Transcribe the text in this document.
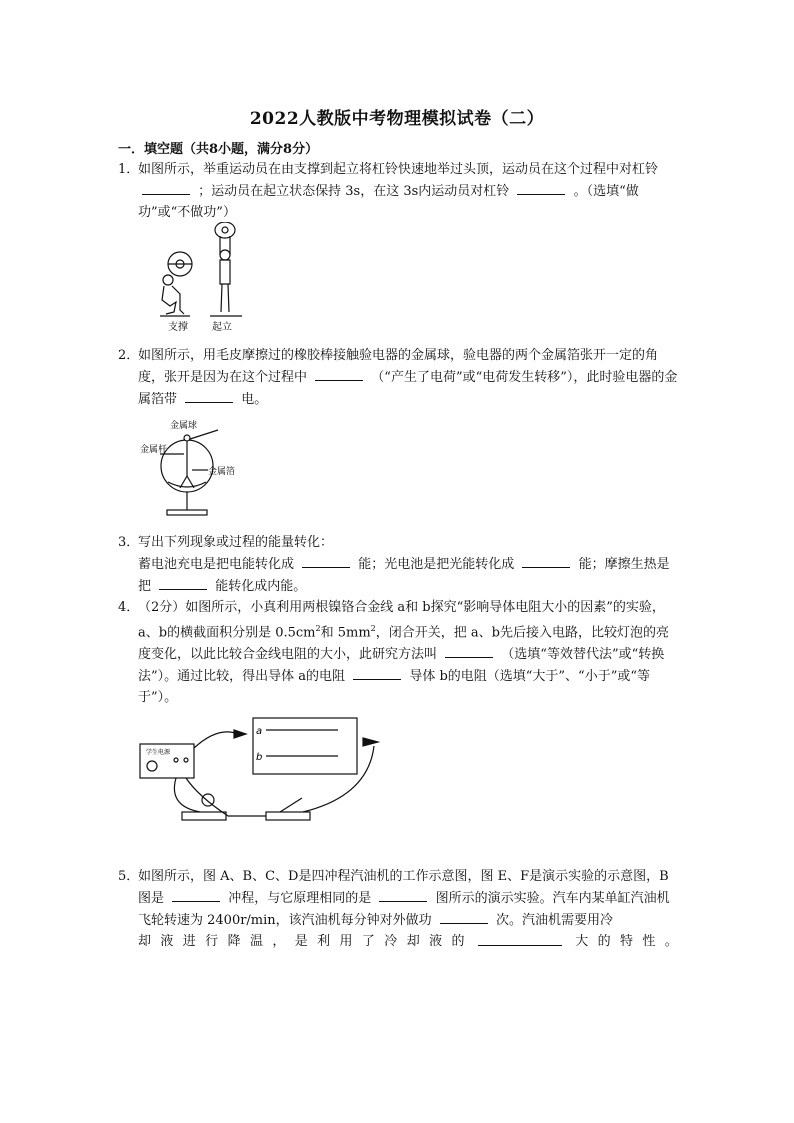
2022人教版中考物理模拟试卷（二）
一．填空题（共8小题，满分8分）
1．
如图所示，举重运动员在由支撑到起立将杠铃快速地举过头顶，运动员在这个过程中对杠铃  ；运动员在起立状态保持 3s，在这 3s内运动员对杠铃	。（选填“做功”或“不做功”）
支撑 起立
2．
如图所示，用毛皮摩擦过的橡胶棒接触验电器的金属球，验电器的两个金属箔张开一定的角度，张开是因为在这个过程中	（“产生了电荷”或“电荷发生转移”），此时验电器的金属箔带	电。
金属球
金属杆
金属箔
3．
写出下列现象或过程的能量转化：
蓄电池充电是把电能转化成	能；光电池是把光能转化成	能；摩擦生热是把	能转化成内能。
4．
（2分）如图所示，小真利用两根镍铬合金线 a和 b探究“影响导体电阻大小的因素”的实验，a、b的横截面积分别是 $0.5cm^2$和 $5mm^2$，闭合开关，把 a、b先后接入电路，比较灯泡的亮度变化，以此比较合金线电阻的大小，此研究方法叫	（选填“等效替代法”或“转换法”）。通过比较，得出导体 a的电阻	导体 b的电阻（选填“大于”、“小于”或“等于”）。
a
b
学生电源
5．
如图所示，图 A、B、C、D是四冲程汽油机的工作示意图，图 E、F是演示实验的示意图，B图是	冲程，与它原理相同的是	图所示的演示实验。汽车内某单缸汽油机飞轮转速为 2400r/min，该汽油机每分钟对外做功	次。汽油机需要用冷
却 液 进 行 降 温 ， 是 利 用 了 冷 却 液 的	大 的 特 性 。
